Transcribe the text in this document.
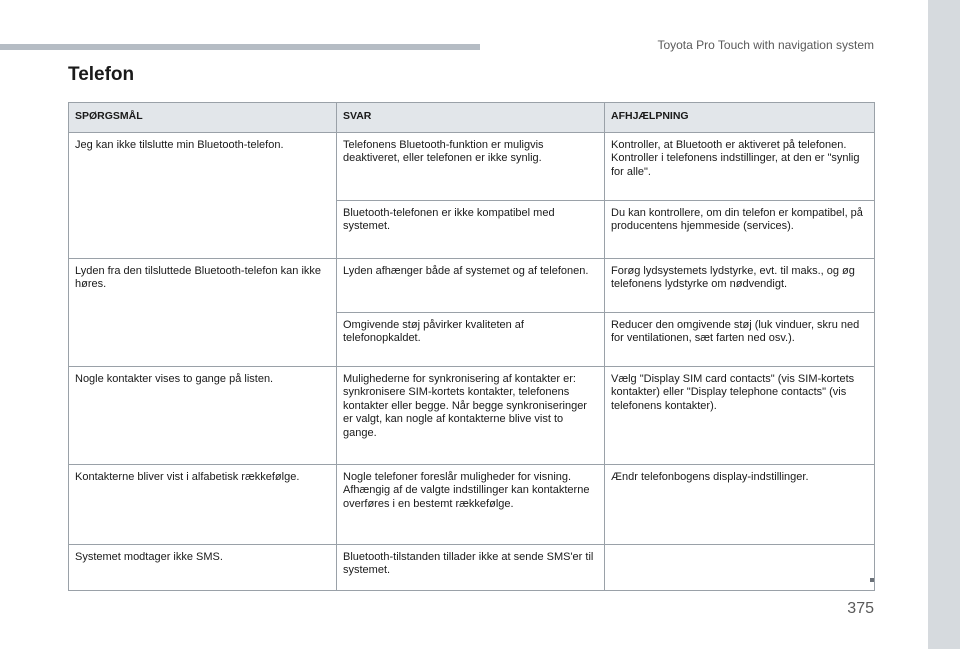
Toyota Pro Touch with navigation system
Telefon
SPØRGSMÅL	SVAR	AFHJÆLPNING
Jeg kan ikke tilslutte min Bluetooth-telefon.	Telefonens Bluetooth-funktion er muligvis deaktiveret, eller telefonen er ikke synlig.	Kontroller, at Bluetooth er aktiveret på telefonen.
Kontroller i telefonens indstillinger, at den er "synlig for alle".
	Bluetooth-telefonen er ikke kompatibel med systemet.	Du kan kontrollere, om din telefon er kompatibel, på producentens hjemmeside (services).
Lyden fra den tilsluttede Bluetooth-telefon kan ikke høres.	Lyden afhænger både af systemet og af telefonen.	Forøg lydsystemets lydstyrke, evt. til maks., og øg telefonens lydstyrke om nødvendigt.
	Omgivende støj påvirker kvaliteten af telefonopkaldet.	Reducer den omgivende støj (luk vinduer, skru ned for ventilationen, sæt farten ned osv.).
Nogle kontakter vises to gange på listen.	Mulighederne for synkronisering af kontakter er: synkronisere SIM-kortets kontakter, telefonens kontakter eller begge. Når begge synkroniseringer er valgt, kan nogle af kontakterne blive vist to gange.	Vælg "Display SIM card contacts" (vis SIM-kortets kontakter) eller "Display telephone contacts" (vis telefonens kontakter).
Kontakterne bliver vist i alfabetisk rækkefølge.	Nogle telefoner foreslår muligheder for visning. Afhængig af de valgte indstillinger kan kontakterne overføres i en bestemt rækkefølge.	Ændr telefonbogens display-indstillinger.
Systemet modtager ikke SMS.	Bluetooth-tilstanden tillader ikke at sende SMS'er til systemet.	
375
